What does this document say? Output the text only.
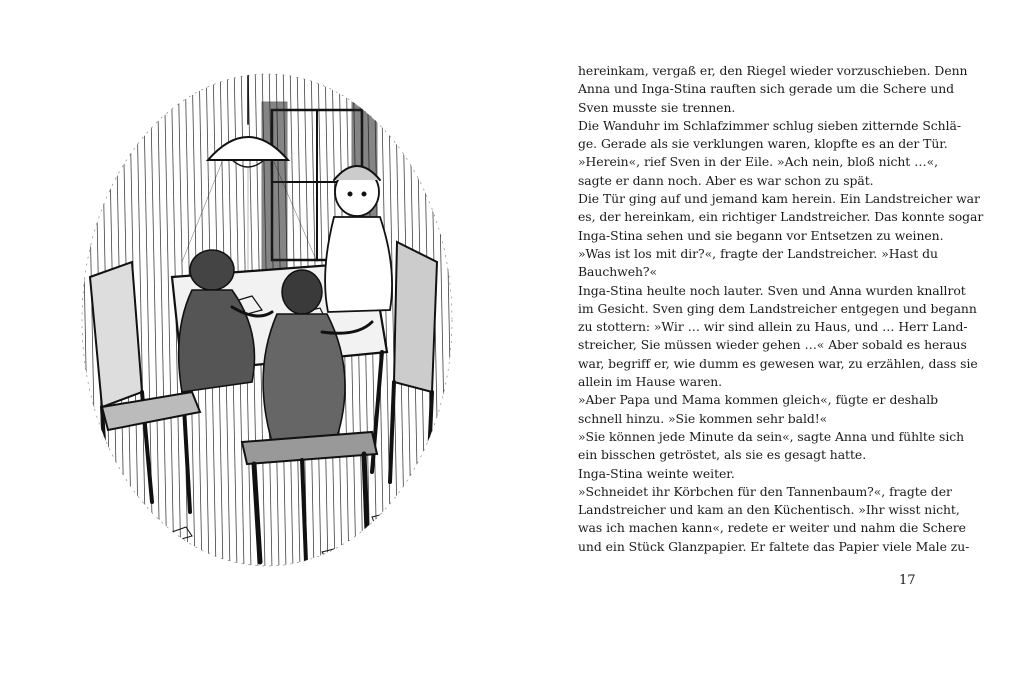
hereinkam, vergaß er, den Riegel wieder vorzuschieben. Denn
Anna und Inga-Stina rauften sich gerade um die Schere und
Sven musste sie trennen.
Die Wanduhr im Schlafzimmer schlug sieben zitternde Schlä-
ge. Gerade als sie verklungen waren, klopfte es an der Tür.
»Herein«, rief Sven in der Eile. »Ach nein, bloß nicht …«,
sagte er dann noch. Aber es war schon zu spät.
Die Tür ging auf und jemand kam herein. Ein Landstreicher war
es, der hereinkam, ein richtiger Landstreicher. Das konnte sogar
Inga-Stina sehen und sie begann vor Entsetzen zu weinen.
»Was ist los mit dir?«, fragte der Landstreicher. »Hast du
Bauchweh?«
Inga-Stina heulte noch lauter. Sven und Anna wurden knallrot
im Gesicht. Sven ging dem Landstreicher entgegen und begann
zu stottern: »Wir … wir sind allein zu Haus, und … Herr Land-
streicher, Sie müssen wieder gehen …« Aber sobald es heraus
war, begriff er, wie dumm es gewesen war, zu erzählen, dass sie
allein im Hause waren.
»Aber Papa und Mama kommen gleich«, fügte er deshalb
schnell hinzu. »Sie kommen sehr bald!«
»Sie können jede Minute da sein«, sagte Anna und fühlte sich
ein bisschen getröstet, als sie es gesagt hatte.
Inga-Stina weinte weiter.
»Schneidet ihr Körbchen für den Tannenbaum?«, fragte der
Landstreicher und kam an den Küchentisch. »Ihr wisst nicht,
was ich machen kann«, redete er weiter und nahm die Schere
und ein Stück Glanzpapier. Er faltete das Papier viele Male zu-
17
